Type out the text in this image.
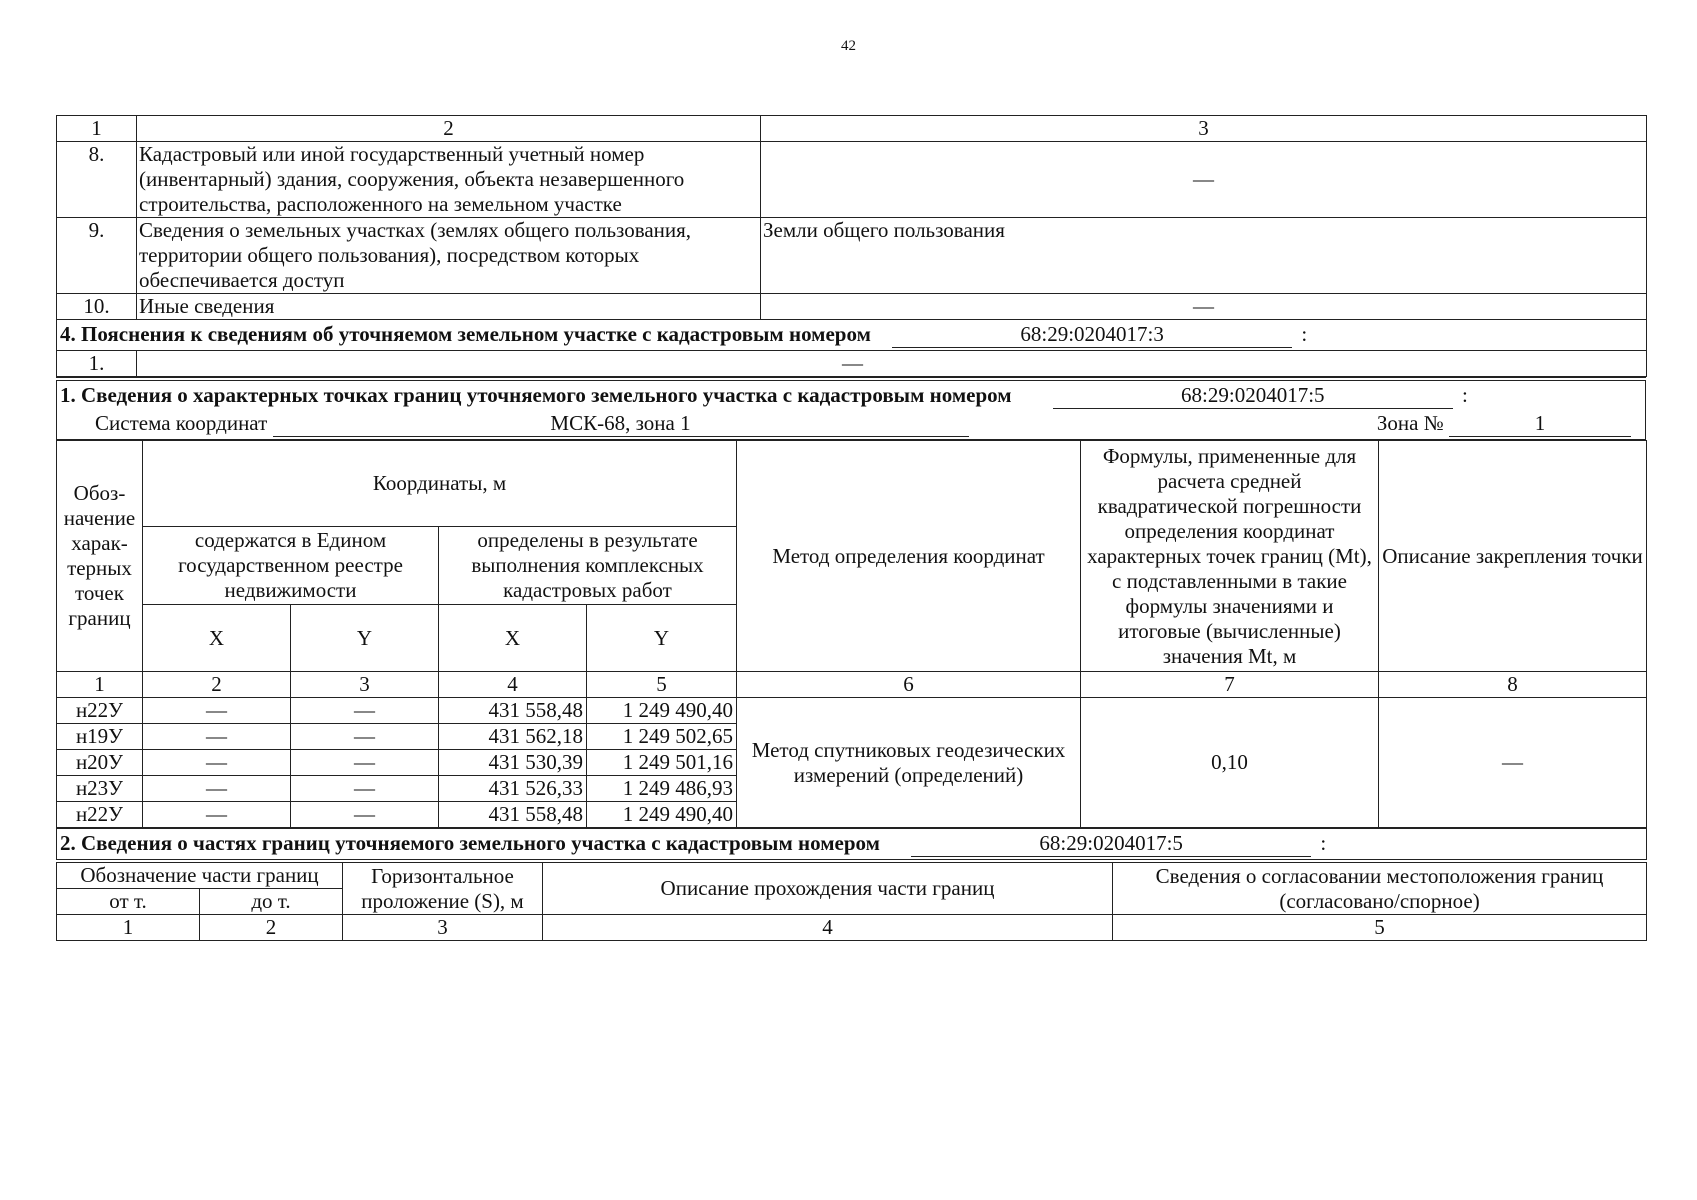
42
1	2	3
8.	Кадастровый или иной государственный учетный номер (инвентарный) здания, сооружения, объекта незавершенного строительства, расположенного на земельном участке	—
9.	Сведения о земельных участках (землях общего пользования, территории общего пользования), посредством которых обеспечивается доступ	Земли общего пользования
10.	Иные сведения	—
4. Пояснения к сведениям об уточняемом земельном участке с кадастровым номером 68:29:0204017:3 :		
1.	—	
1. Сведения о характерных точках границ уточняемого земельного участка с кадастровым номером	68:29:0204017:5	:
Система координат	МСК-68, зона 1	Зона №	1
Обоз-начение харак-терных точек границ	Координаты, м				Метод определения координат	Формулы, примененные для расчета средней квадратической погрешности определения координат характерных точек границ (Mt), с подставленными в такие формулы значениями и итоговые (вычисленные) значения Mt, м	Описание закрепления точки
	содержатся в Едином государственном реестре недвижимости		определены в результате выполнения комплексных кадастровых работ				
	X	Y	X	Y			
1	2	3	4	5	6	7	8
н22У	—	—	431 558,48	1 249 490,40	Метод спутниковых геодезических измерений (определений)	0,10	—
н19У	—	—	431 562,18	1 249 502,65			
н20У	—	—	431 530,39	1 249 501,16			
н23У	—	—	431 526,33	1 249 486,93			
н22У	—	—	431 558,48	1 249 490,40			
2. Сведения о частях границ уточняемого земельного участка с кадастровым номером 68:29:0204017:5 :				
Обозначение части границ		Горизонтальное проложение (S), м	Описание прохождения части границ	Сведения о согласовании местоположения границ (согласовано/спорное)
от т.	до т.			
1	2	3	4	5
